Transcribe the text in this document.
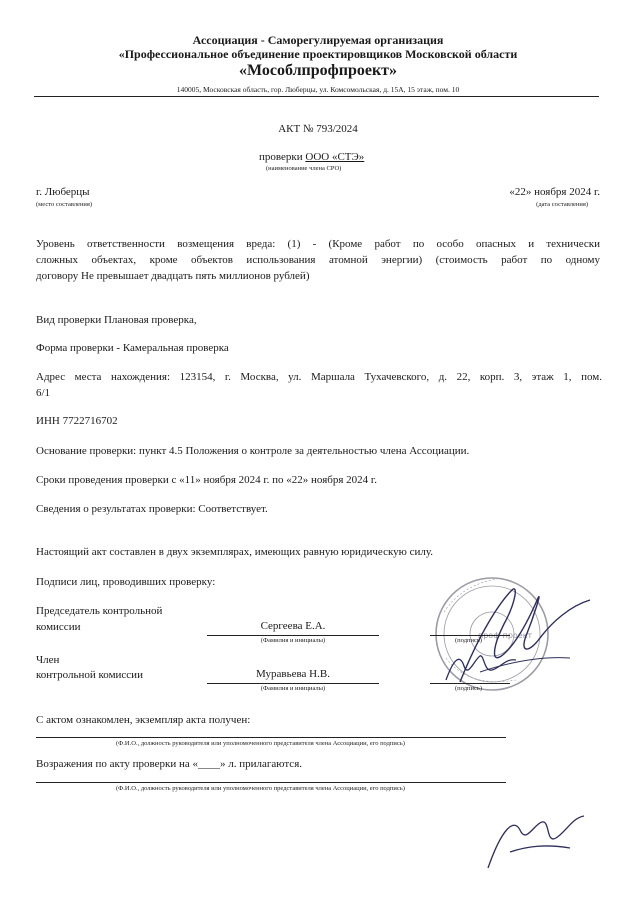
Ассоциация - Саморегулируемая организация
«Профессиональное объединение проектировщиков Московской области
«Мособлпрофпроект»
140005, Московская область, гор. Люберцы, ул. Комсомольская, д. 15А, 15 этаж, пом. 10
АКТ № 793/2024
проверки ООО «СТЭ»
(наименование члена СРО)
г. Люберцы
(место составления)
«22» ноября 2024 г.
(дата составления)
Уровень ответственности возмещения вреда: (1) - (Кроме работ по особо опасных и технически
сложных объектах, кроме объектов использования атомной энергии) (стоимость работ по одному
договору Не превышает двадцать пять миллионов рублей)
Вид проверки Плановая проверка,
Форма проверки - Камеральная проверка
Адрес места нахождения: 123154, г. Москва, ул. Маршала Тухачевского, д. 22, корп. 3, этаж 1, пом.
6/1
ИНН 7722716702
Основание проверки: пункт 4.5 Положения о контроле за деятельностью члена Ассоциации.
Сроки проведения проверки с «11» ноября 2024 г. по «22» ноября 2024 г.
Сведения о результатах проверки: Соответствует.
Настоящий акт составлен в двух экземплярах, имеющих равную юридическую силу.
Подписи лиц, проводивших проверку:
проф проект
Председатель контрольной
комиссии	Сергеева Е.А.
(Фамилия и инициалы)	(подпись)
Член
контрольной комиссии	Муравьева Н.В.
(Фамилия и инициалы)	(подпись)
С актом ознакомлен, экземпляр акта получен:
(Ф.И.О., должность руководителя или уполномоченного представителя члена Ассоциации, его подпись)
Возражения по акту проверки на «____» л. прилагаются.
(Ф.И.О., должность руководителя или уполномоченного представителя члена Ассоциации, его подпись)
